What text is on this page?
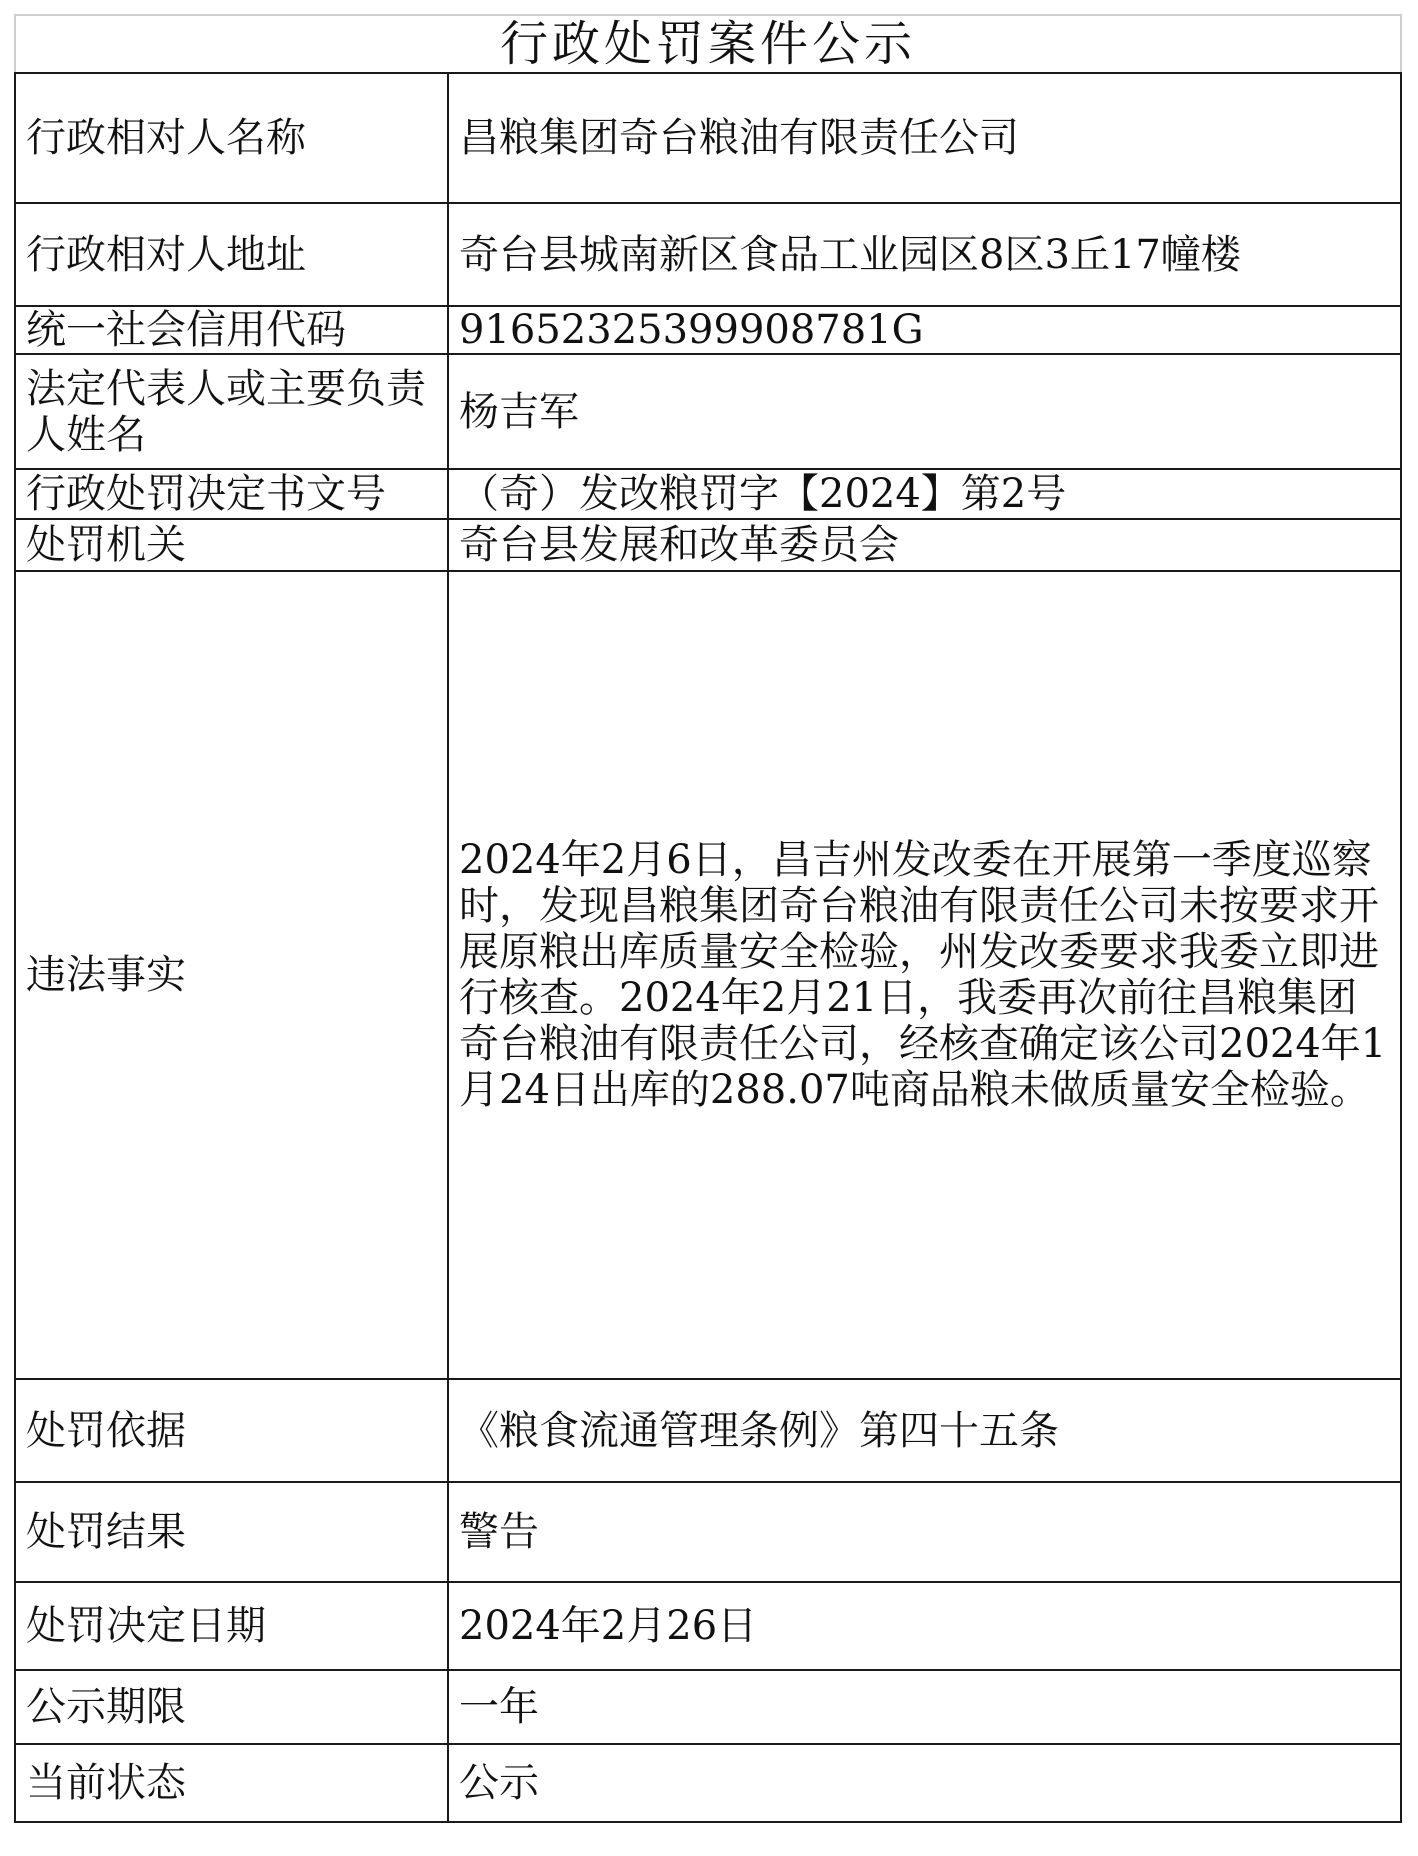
行政处罚案件公示	
行政相对人名称	昌粮集团奇台粮油有限责任公司
行政相对人地址	奇台县城南新区食品工业园区8区3丘17幢楼
统一社会信用代码	91652325399908781G
法定代表人或主要负责人姓名	杨吉军
行政处罚决定书文号	（奇）发改粮罚字【2024】第2号
处罚机关	奇台县发展和改革委员会
违法事实	2024年2月6日，昌吉州发改委在开展第一季度巡察时，发现昌粮集团奇台粮油有限责任公司未按要求开展原粮出库质量安全检验，州发改委要求我委立即进行核查。2024年2月21日，我委再次前往昌粮集团奇台粮油有限责任公司，经核查确定该公司2024年1月24日出库的288.07吨商品粮未做质量安全检验。
处罚依据	《粮食流通管理条例》第四十五条
处罚结果	警告
处罚决定日期	2024年2月26日
公示期限	一年
当前状态	公示
